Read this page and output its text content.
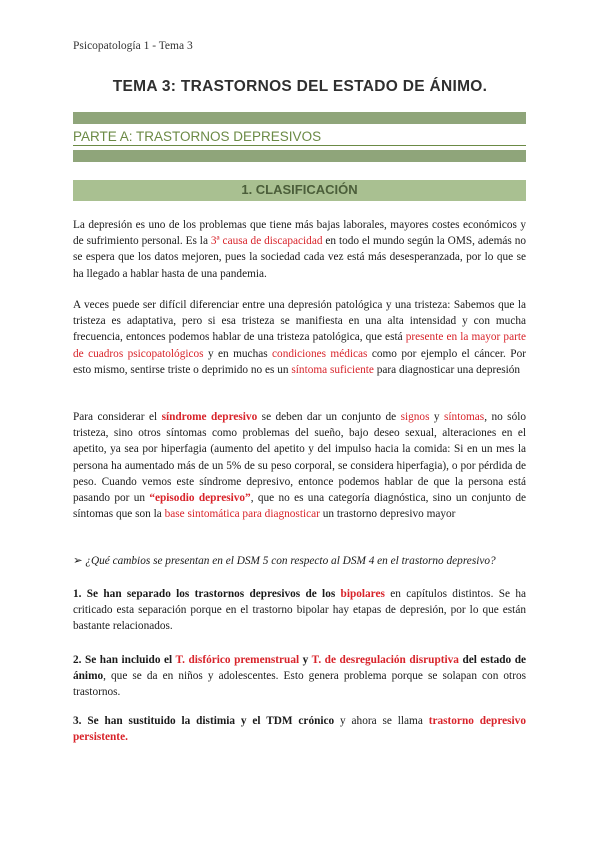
Psicopatología 1 - Tema 3
TEMA 3: TRASTORNOS DEL ESTADO DE ÁNIMO.
PARTE A: TRASTORNOS DEPRESIVOS
1. CLASIFICACIÓN

La depresión es uno de los problemas que tiene más bajas laborales, mayores costes económicos y de sufrimiento personal. Es la 3ª causa de discapacidad en todo el mundo según la OMS, además no se espera que los datos mejoren, pues la sociedad cada vez está más desesperanzada, por lo que se ha llegado a hablar hasta de una pandemia.

A veces puede ser difícil diferenciar entre una depresión patológica y una tristeza: Sabemos que la tristeza es adaptativa, pero si esa tristeza se manifiesta en una alta intensidad y con mucha frecuencia, entonces podemos hablar de una tristeza patológica, que está presente en la mayor parte de cuadros psicopatológicos y en muchas condiciones médicas como por ejemplo el cáncer. Por esto mismo, sentirse triste o deprimido no es un síntoma suficiente para diagnosticar una depresión

Para considerar el síndrome depresivo se deben dar un conjunto de signos y síntomas, no sólo tristeza, sino otros síntomas como problemas del sueño, bajo deseo sexual, alteraciones en el apetito, ya sea por hiperfagia (aumento del apetito y del impulso hacia la comida: Si en un mes la persona ha aumentado más de un 5% de su peso corporal, se considera hiperfagia), o por pérdida de peso. Cuando vemos este síndrome depresivo, entonce podemos hablar de que la persona está pasando por un “episodio depresivo”, que no es una categoría diagnóstica, sino un conjunto de síntomas que son la base sintomática para diagnosticar un trastorno depresivo mayor

➢ ¿Qué cambios se presentan en el DSM 5 con respecto al DSM 4 en el trastorno depresivo?

1. Se han separado los trastornos depresivos de los bipolares en capítulos distintos. Se ha criticado esta separación porque en el trastorno bipolar hay etapas de depresión, por lo que están bastante relacionados.

2. Se han incluido el T. disfórico premenstrual y T. de desregulación disruptiva del estado de ánimo, que se da en niños y adolescentes. Esto genera problema porque se solapan con otros trastornos.

3. Se han sustituido la distimia y el TDM crónico y ahora se llama trastorno depresivo persistente.
